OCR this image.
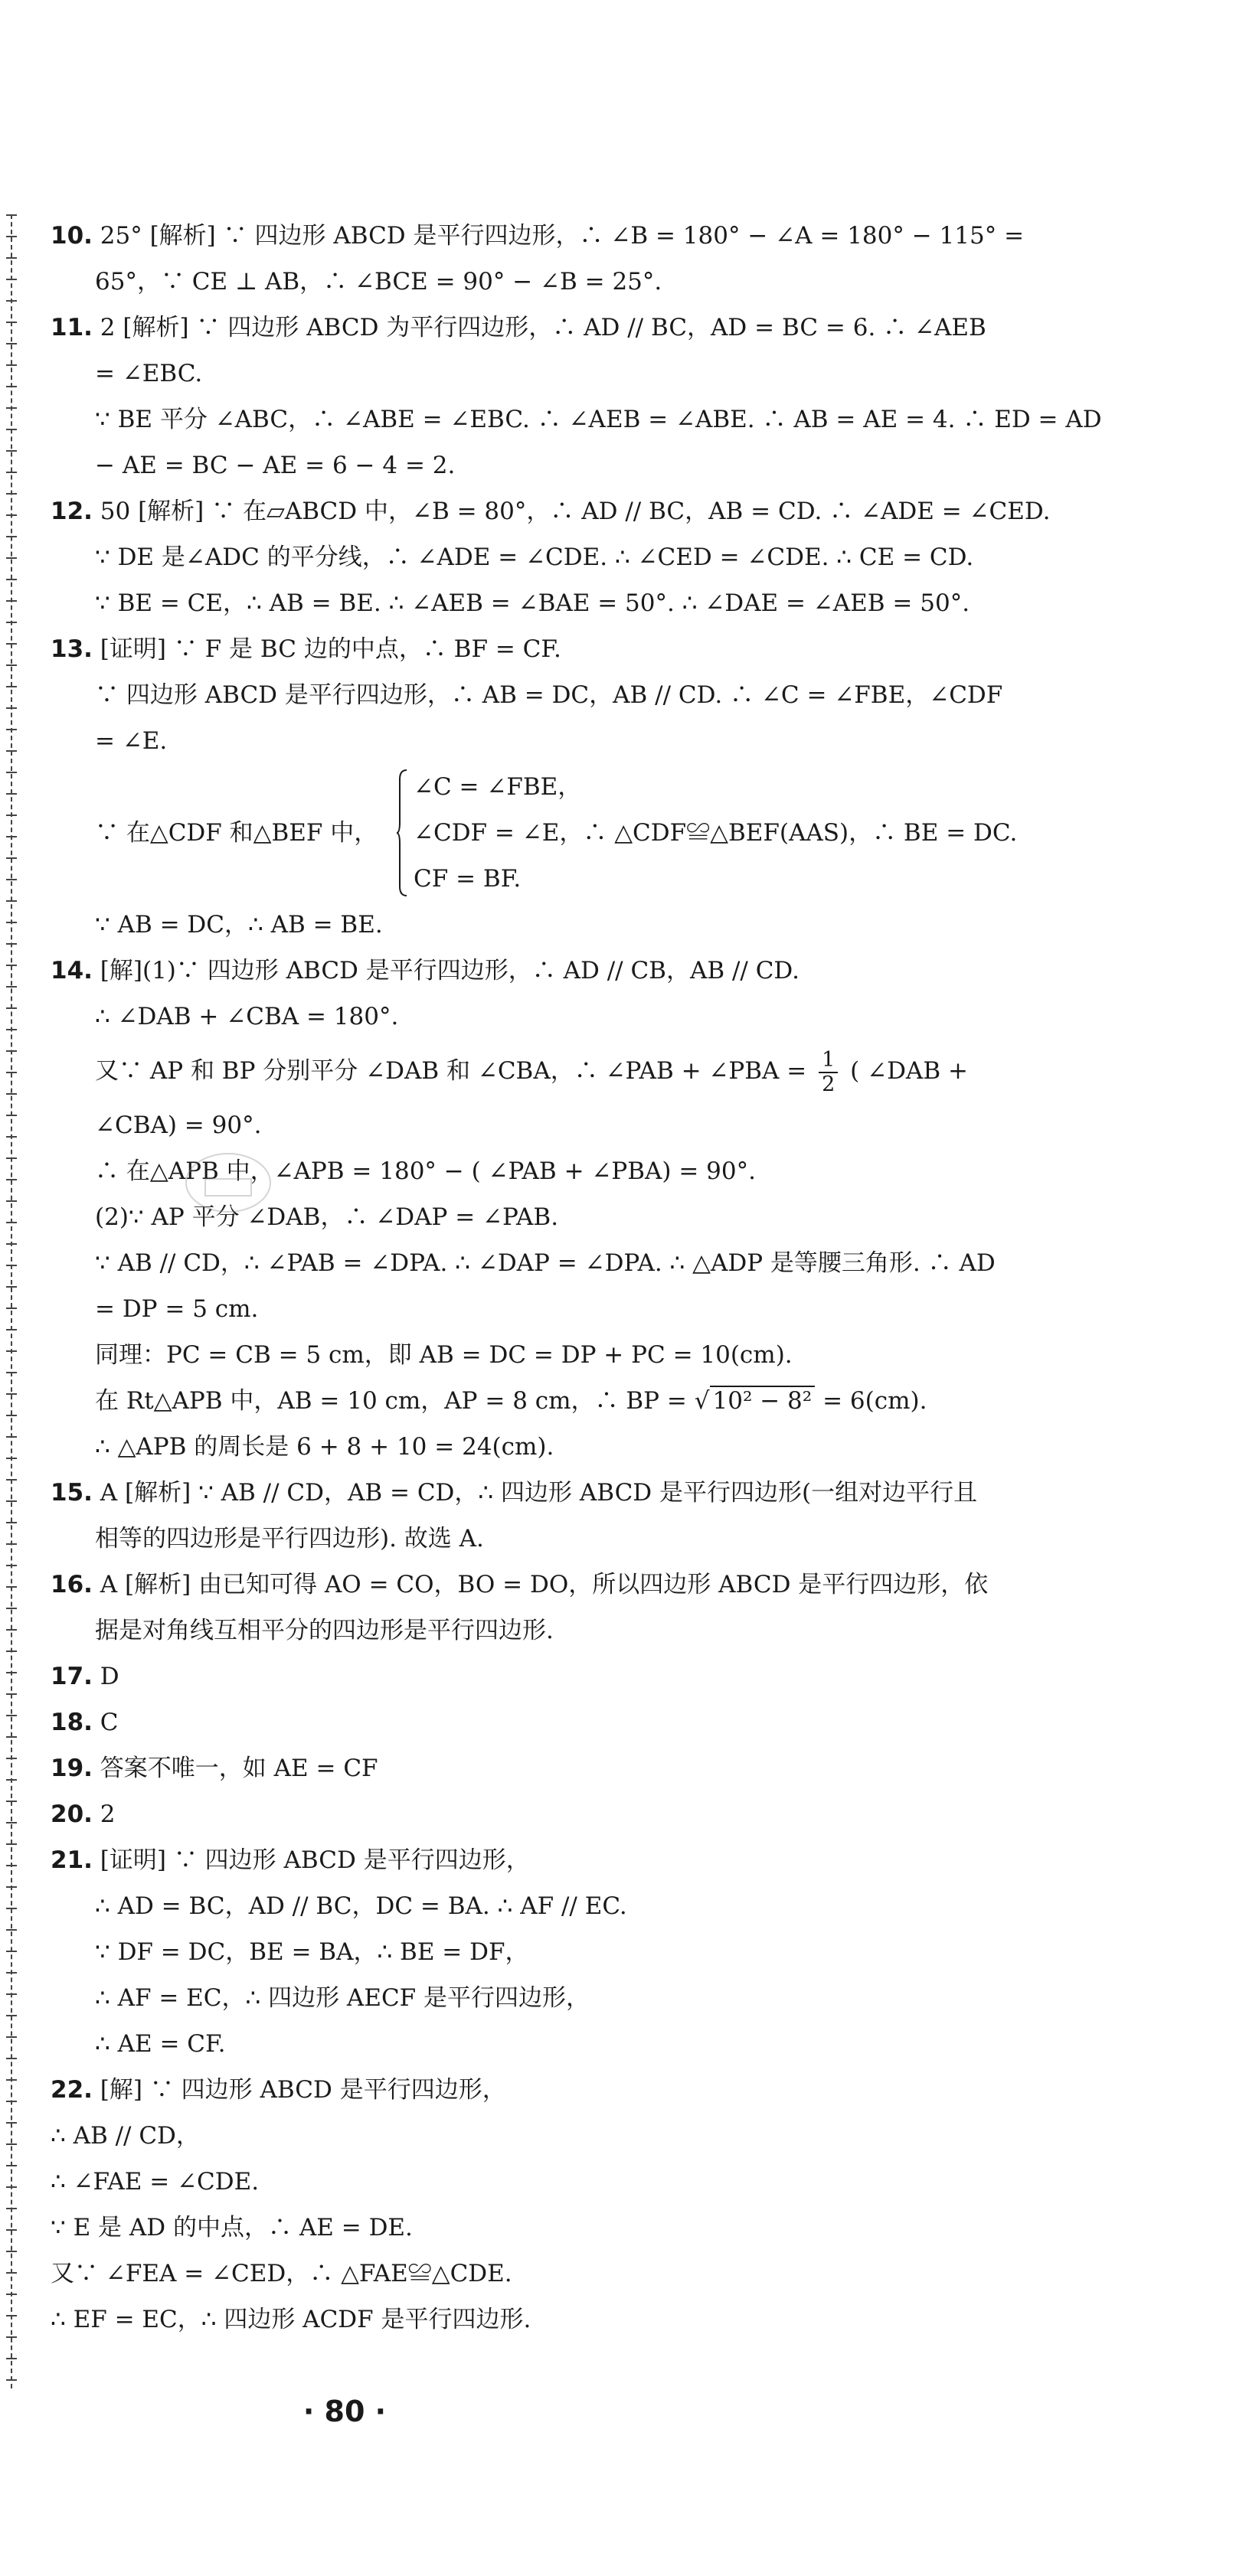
10. 25° [解析] ∵ 四边形 ABCD 是平行四边形，∴ ∠B = 180° − ∠A = 180° − 115° =
65°，∵ CE ⊥ AB，∴ ∠BCE = 90° − ∠B = 25°.
11. 2 [解析] ∵ 四边形 ABCD 为平行四边形，∴ AD // BC，AD = BC = 6. ∴ ∠AEB
= ∠EBC.
∵ BE 平分 ∠ABC，∴ ∠ABE = ∠EBC. ∴ ∠AEB = ∠ABE. ∴ AB = AE = 4. ∴ ED = AD
− AE = BC − AE = 6 − 4 = 2.
12. 50 [解析] ∵ 在▱ABCD 中，∠B = 80°，∴ AD // BC，AB = CD. ∴ ∠ADE = ∠CED.
∵ DE 是∠ADC 的平分线，∴ ∠ADE = ∠CDE. ∴ ∠CED = ∠CDE. ∴ CE = CD.
∵ BE = CE，∴ AB = BE. ∴ ∠AEB = ∠BAE = 50°. ∴ ∠DAE = ∠AEB = 50°.
13. [证明] ∵ F 是 BC 边的中点，∴ BF = CF.
∵ 四边形 ABCD 是平行四边形，∴ AB = DC，AB // CD. ∴ ∠C = ∠FBE，∠CDF
= ∠E.
∵ 在△CDF 和△BEF 中，
∠C = ∠FBE，
∠CDF = ∠E，∴ △CDF≌△BEF(AAS)，∴ BE = DC.
CF = BF.
∵ AB = DC，∴ AB = BE.
14. [解](1)∵ 四边形 ABCD 是平行四边形，∴ AD // CB，AB // CD.
∴ ∠DAB + ∠CBA = 180°.
又∵ AP 和 BP 分别平分 ∠DAB 和 ∠CBA，∴ ∠PAB + ∠PBA = $\frac{1}{2}$ ( ∠DAB +
∠CBA) = 90°.
∴ 在△APB 中，∠APB = 180° − ( ∠PAB + ∠PBA) = 90°.
(2)∵ AP 平分 ∠DAB，∴ ∠DAP = ∠PAB.
∵ AB // CD，∴ ∠PAB = ∠DPA. ∴ ∠DAP = ∠DPA. ∴ △ADP 是等腰三角形. ∴ AD
= DP = 5 cm.
同理：PC = CB = 5 cm，即 AB = DC = DP + PC = 10(cm).
在 Rt△APB 中，AB = 10 cm，AP = 8 cm，∴ BP = √ 10² − 8² = 6(cm).
∴ △APB 的周长是 6 + 8 + 10 = 24(cm).
15. A [解析] ∵ AB // CD，AB = CD，∴ 四边形 ABCD 是平行四边形(一组对边平行且
相等的四边形是平行四边形). 故选 A.
16. A [解析] 由已知可得 AO = CO，BO = DO，所以四边形 ABCD 是平行四边形，依
据是对角线互相平分的四边形是平行四边形.
17. D
18. C
19. 答案不唯一，如 AE = CF
20. 2
21. [证明] ∵ 四边形 ABCD 是平行四边形，
∴ AD = BC，AD // BC，DC = BA. ∴ AF // EC.
∵ DF = DC，BE = BA，∴ BE = DF，
∴ AF = EC，∴ 四边形 AECF 是平行四边形，
∴ AE = CF.
22. [解] ∵ 四边形 ABCD 是平行四边形，
∴ AB // CD，
∴ ∠FAE = ∠CDE.
∵ E 是 AD 的中点，∴ AE = DE.
又∵ ∠FEA = ∠CED，∴ △FAE≌△CDE.
∴ EF = EC，∴ 四边形 ACDF 是平行四边形.
· 80 ·
